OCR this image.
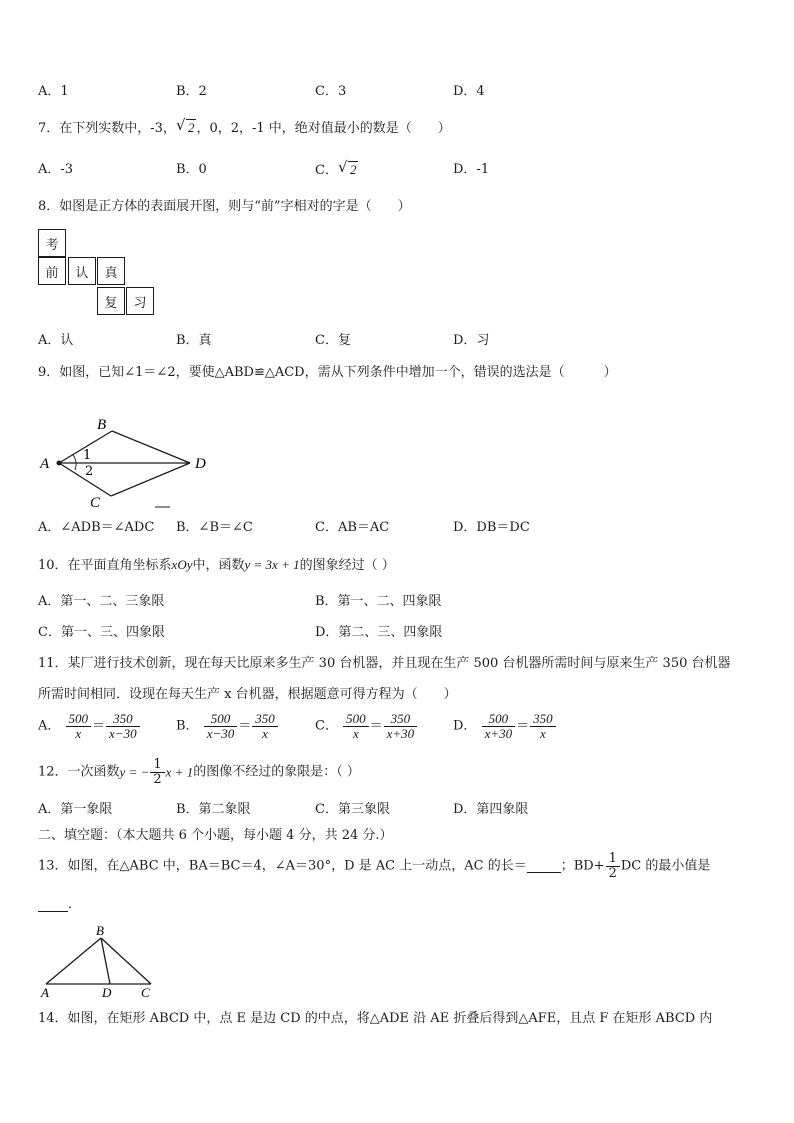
A．1	B．2	C．3	D．4
7．在下列实数中，-3， √ 2 ，0，2，-1 中，绝对值最小的数是（　　）
A．-3	B．0	C． √ 2	D．-1
8．如图是正方体的表面展开图，则与“前”字相对的字是（　　）
考
前	认	真
复	习
A．认	B．真	C．复	D．习
9．如图，已知∠1＝∠2，要使△ABD≌△ACD，需从下列条件中增加一个，错误的选法是（　　　）
A
B
C
D
1
2
A．∠ADB＝∠ADC B．∠B＝∠C	C．AB＝AC	D．DB＝DC
10．在平面直角坐标系xOy中，函数y = 3x + 1的图象经过（ ）
A．第一、二、三象限	B．第一、二、四象限
C．第一、三、四象限	D．第二、三、四象限
11．某厂进行技术创新，现在每天比原来多生产 30 台机器，并且现在生产 500 台机器所需时间与原来生产 350 台机器
所需时间相同．设现在每天生产 x 台机器，根据题意可得方程为（　　）
A． $\frac{500}{x} = \frac{350}{x-30}$	B． $\frac{500}{x-30} = \frac{350}{x}$	C． $\frac{500}{x} = \frac{350}{x+30}$	D． $\frac{500}{x+30} = \frac{350}{x}$
12．一次函数y = − $\frac{1}{2}$ x + 1的图像不经过的象限是：（ ）
A．第一象限	B．第二象限	C．第三象限	D．第四象限
二、填空题：（本大题共 6 个小题，每小题 4 分，共 24 分.）
13．如图，在△ABC 中，BA＝BC＝4，∠A＝30°，D 是 AC 上一动点，AC 的长＝	；$BD+ \frac{1}{2}$ DC 的最小值是
．
B
A	D C
14．如图，在矩形 ABCD 中，点 E 是边 CD 的中点，将△ADE 沿 AE 折叠后得到△AFE，且点 F 在矩形 ABCD 内
